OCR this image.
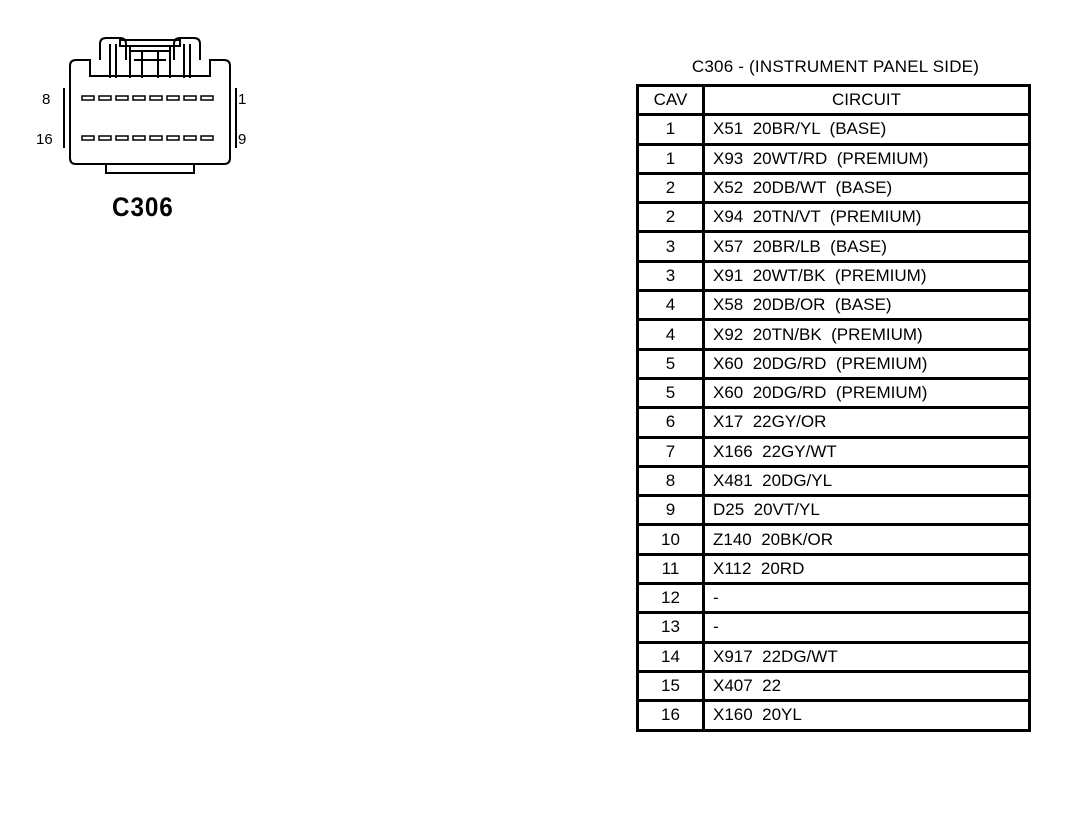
8	1
16	9
C306
C306 - (INSTRUMENT PANEL SIDE)
CAV	CIRCUIT
1	X51  20BR/YL  (BASE)
1	X93  20WT/RD  (PREMIUM)
2	X52  20DB/WT  (BASE)
2	X94  20TN/VT  (PREMIUM)
3	X57  20BR/LB  (BASE)
3	X91  20WT/BK  (PREMIUM)
4	X58  20DB/OR  (BASE)
4	X92  20TN/BK  (PREMIUM)
5	X60  20DG/RD  (PREMIUM)
5	X60  20DG/RD  (PREMIUM)
6	X17  22GY/OR
7	X166  22GY/WT
8	X481  20DG/YL
9	D25  20VT/YL
10	Z140  20BK/OR
11	X112  20RD
12	-
13	-
14	X917  22DG/WT
15	X407  22
16	X160  20YL
